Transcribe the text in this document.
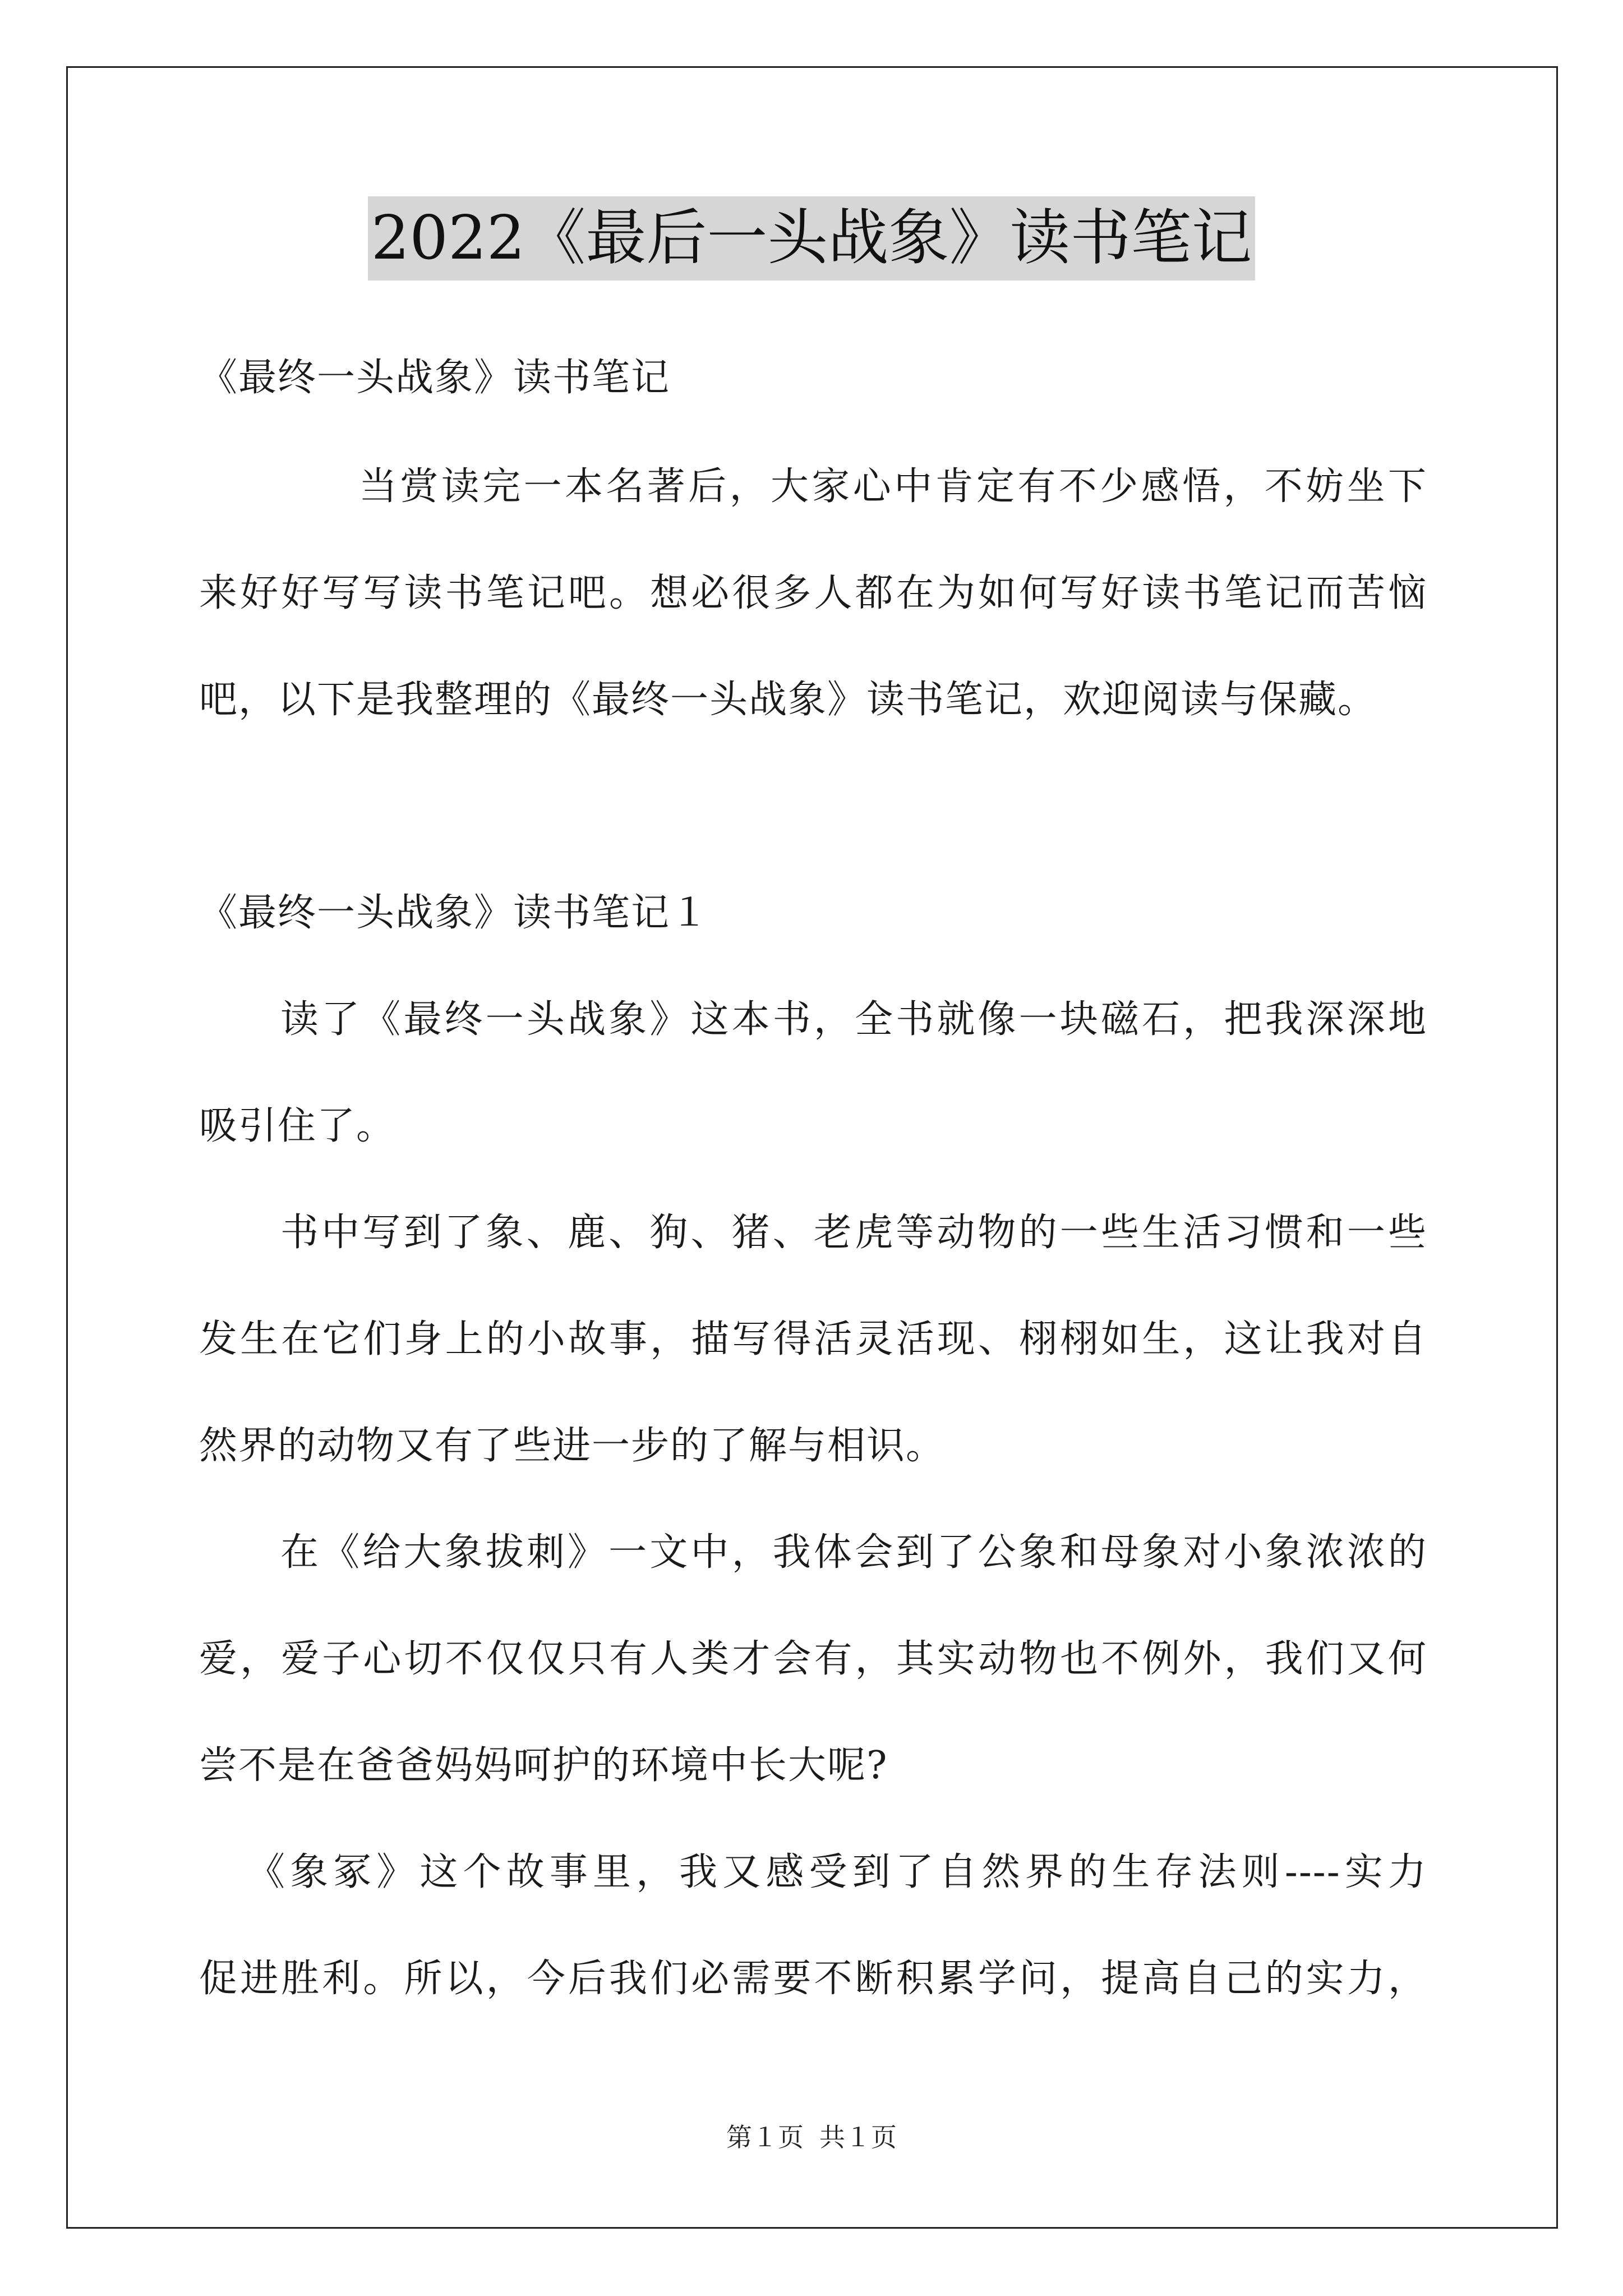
2022《最后一头战象》读书笔记
《最终一头战象》读书笔记
当赏读完一本名著后，大家心中肯定有不少感悟，不妨坐下
来好好写写读书笔记吧。想必很多人都在为如何写好读书笔记而苦恼
吧，以下是我整理的《最终一头战象》读书笔记，欢迎阅读与保藏。
《最终一头战象》读书笔记１
读了《最终一头战象》这本书，全书就像一块磁石，把我深深地
吸引住了。
书中写到了象、鹿、狗、猪、老虎等动物的一些生活习惯和一些
发生在它们身上的小故事，描写得活灵活现、栩栩如生，这让我对自
然界的动物又有了些进一步的了解与相识。
在《给大象拔刺》一文中，我体会到了公象和母象对小象浓浓的
爱，爱子心切不仅仅只有人类才会有，其实动物也不例外，我们又何
尝不是在爸爸妈妈呵护的环境中长大呢?
《象冢》这个故事里，我又感受到了自然界的生存法则----实力
促进胜利。所以，今后我们必需要不断积累学问，提高自己的实力，
第１页 共１页
